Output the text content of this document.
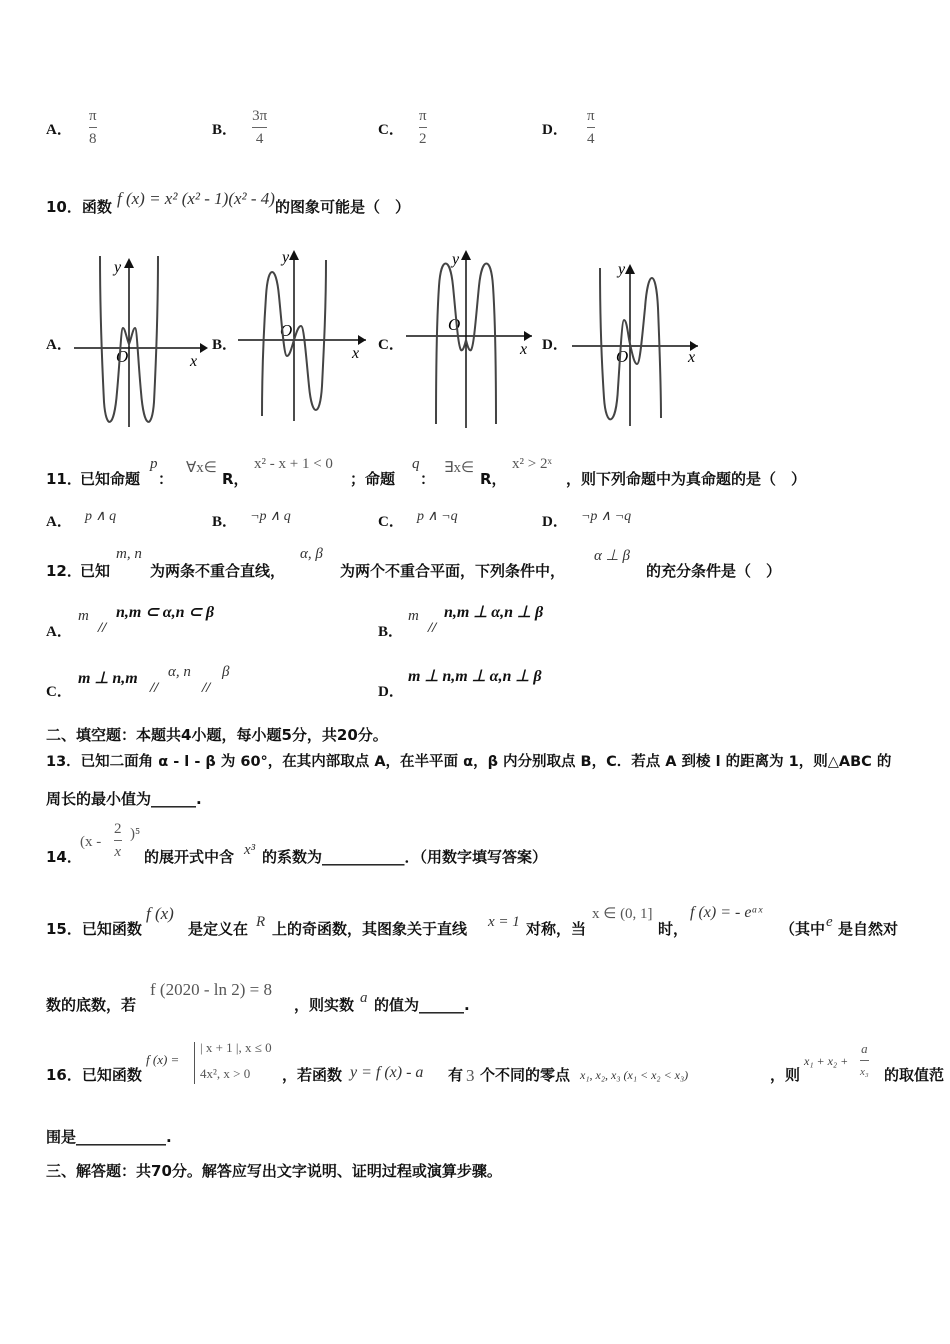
A． $\frac{\pi}{8}$	B． $\frac{3\pi}{4}$	C． $\frac{\pi}{2}$	D． $\frac{\pi}{4}$
10．函数 f (x) = x² (x² - 1)(x² - 4)的图象可能是（　）
A．	B．	C．	D．
y
x
O
y
x
O
y
x
O
y
x
O
11．
已知命题
p
：
∀x∈
R，
x² - x + 1 < 0
；命题
q
：
∃x∈
R，
x² > 2ˣ
，则下列命题中为真命题的是（　）
A． p ∧ q	B． ¬p ∧ q	C． p ∧ ¬q	D． ¬p ∧ ¬q
12．
已知
m, n
为两条不重合直线，
α, β
为两个不重合平面，下列条件中，
α ⊥ β
的充分条件是（　）
A．
m
//
n,m ⊂ α,n ⊂ β
B．
m
//
n,m ⊥ α,n ⊥ β
C．
m ⊥ n,m
//
α, n
//
β
D．
m ⊥ n,m ⊥ α,n ⊥ β
二、填空题：本题共4小题，每小题5分，共20分。
13．已知二面角 α - l - β 为 60°，在其内部取点 A，在半平面 α，β 内分别取点 B，C．若点 A 到棱 l 的距离为 1，则△ABC 的
周长的最小值为______.
14．
(x -
2
x
)⁵
的展开式中含 x³ 的系数为___________．（用数字填写答案）
15．已知函数
f (x)
是定义在 R 上的奇函数，其图象关于直线 x = 1 对称，当
x ∈ (0, 1]
时，
f (x) = - eᵃˣ
（其中 e 是自然对
数的底数，若
f (2020 - ln 2) = 8
，则实数 a 的值为______.
16．已知函数
f (x) =
| x + 1 |, x ≤ 0
4x², x > 0 ，若函数 y = f (x) - a 有 3 个不同的零点 x₁, x₂, x₃ (x₁ < x₂ < x₃)	，则
x₁ + x₂ +
a
x₃ 的取值范
围是____________.
三、解答题：共70分。解答应写出文字说明、证明过程或演算步骤。
